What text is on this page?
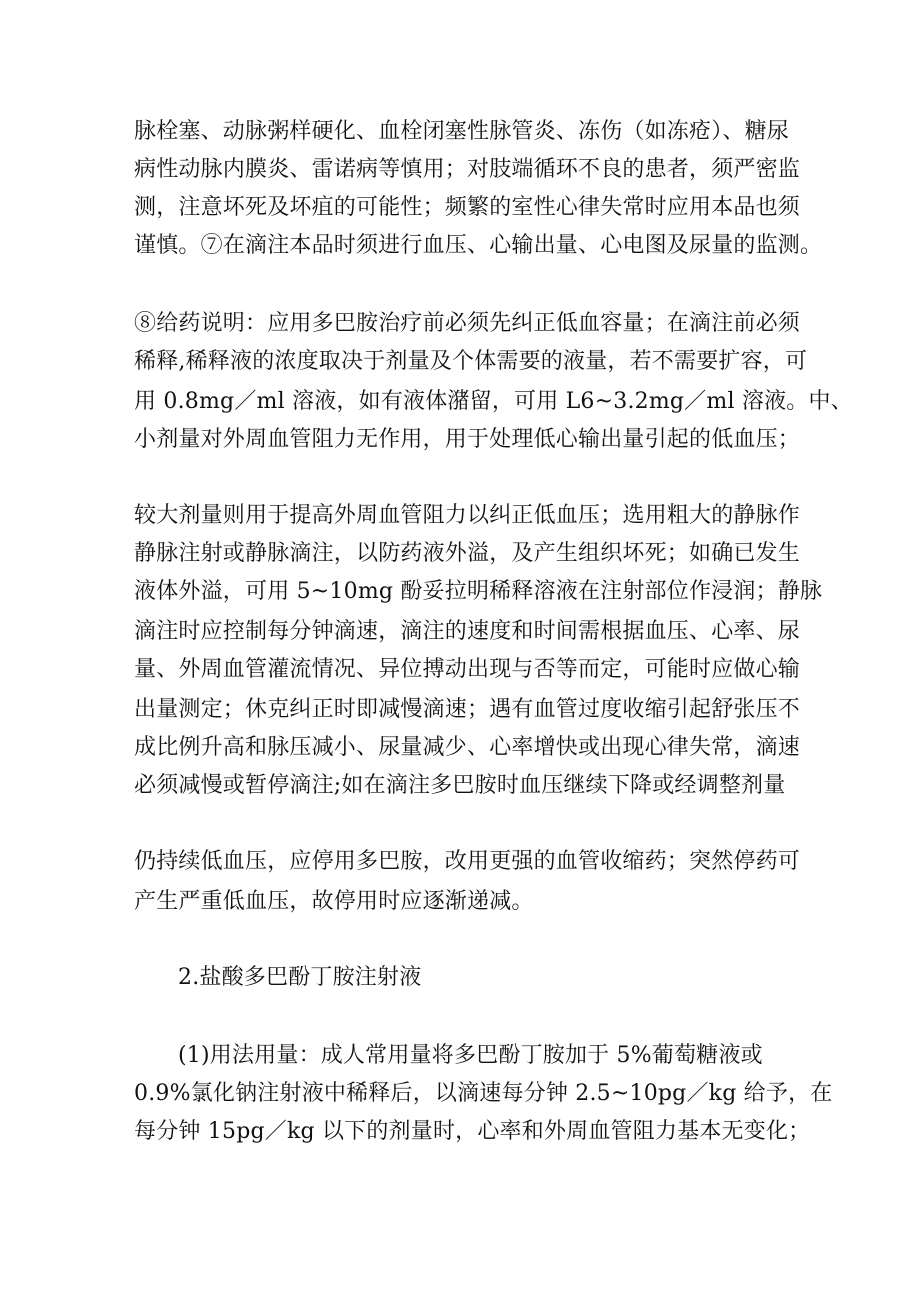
脉栓塞、动脉粥样硬化、血栓闭塞性脉管炎、冻伤（如冻疮）、糖尿
病性动脉内膜炎、雷诺病等慎用；对肢端循环不良的患者，须严密监
测，注意坏死及坏疽的可能性；频繁的室性心律失常时应用本品也须
谨慎。⑦在滴注本品时须进行血压、心输出量、心电图及尿量的监测。
⑧给药说明：应用多巴胺治疗前必须先纠正低血容量；在滴注前必须
稀释,稀释液的浓度取决于剂量及个体需要的液量，若不需要扩容，可
用 0.8mg／ml 溶液，如有液体潴留，可用 L6~3.2mg／ml 溶液。中、
小剂量对外周血管阻力无作用，用于处理低心输出量引起的低血压；
较大剂量则用于提高外周血管阻力以纠正低血压；选用粗大的静脉作
静脉注射或静脉滴注，以防药液外溢，及产生组织坏死；如确已发生
液体外溢，可用 5~10mg 酚妥拉明稀释溶液在注射部位作浸润；静脉
滴注时应控制每分钟滴速，滴注的速度和时间需根据血压、心率、尿
量、外周血管灌流情况、异位搏动出现与否等而定，可能时应做心输
出量测定；休克纠正时即减慢滴速；遇有血管过度收缩引起舒张压不
成比例升高和脉压减小、尿量减少、心率增快或出现心律失常，滴速
必须减慢或暂停滴注;如在滴注多巴胺时血压继续下降或经调整剂量
仍持续低血压，应停用多巴胺，改用更强的血管收缩药；突然停药可
产生严重低血压，故停用时应逐渐递减。
2.盐酸多巴酚丁胺注射液
(1)用法用量：成人常用量将多巴酚丁胺加于 5%葡萄糖液或
0.9%氯化钠注射液中稀释后，以滴速每分钟 2.5~10pg／kg 给予，在
每分钟 15pg／kg 以下的剂量时，心率和外周血管阻力基本无变化；
